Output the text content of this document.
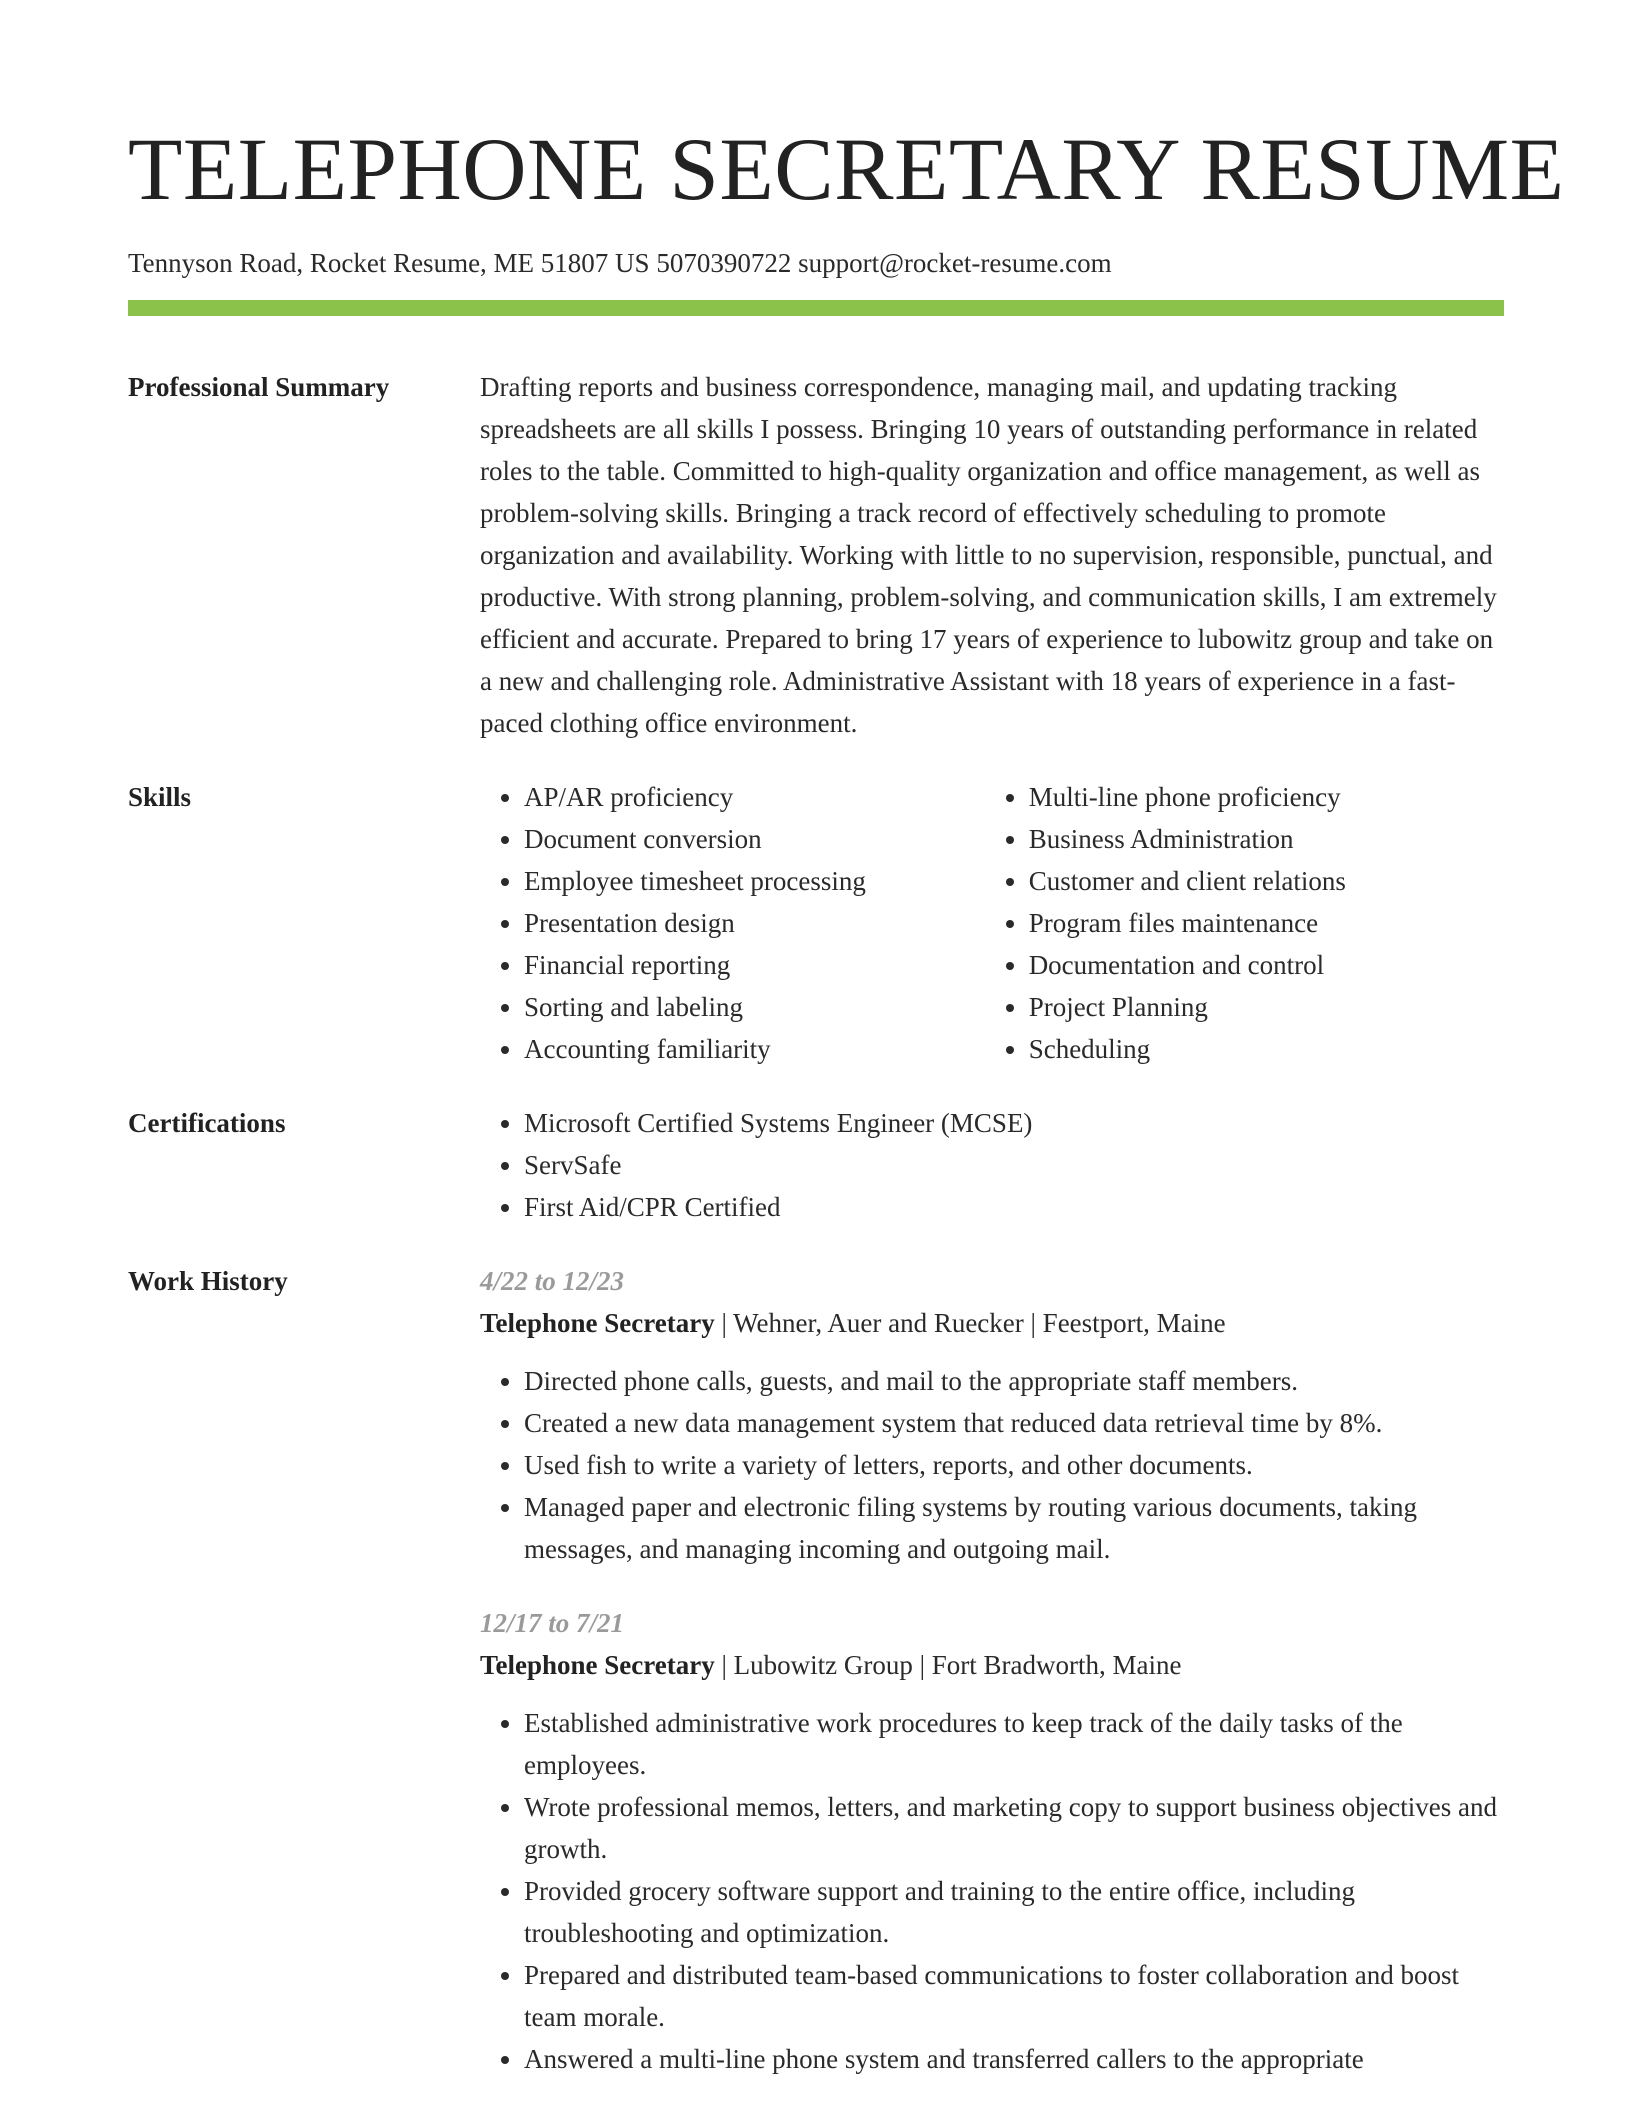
TELEPHONE SECRETARY RESUME
Tennyson Road, Rocket Resume, ME 51807 US 5070390722 support@rocket-resume.com
Professional Summary	Drafting reports and business correspondence, managing mail, and updating tracking spreadsheets are all skills I possess. Bringing 10 years of outstanding performance in related roles to the table. Committed to high-quality organization and office management, as well as problem-solving skills. Bringing a track record of effectively scheduling to promote organization and availability. Working with little to no supervision, responsible, punctual, and productive. With strong planning, problem-solving, and communication skills, I am extremely efficient and accurate. Prepared to bring 17 years of experience to lubowitz group and take on a new and challenging role. Administrative Assistant with 18 years of experience in a fast-paced clothing office environment.
Skills	• AP/AR proficiency
• Document conversion
• Employee timesheet processing
• Presentation design
• Financial reporting
• Sorting and labeling
• Accounting familiarity
• Multi-line phone proficiency
• Business Administration
• Customer and client relations
• Program files maintenance
• Documentation and control
• Project Planning
• Scheduling
Certifications	• Microsoft Certified Systems Engineer (MCSE)
• ServSafe
• First Aid/CPR Certified
Work History	4/22 to 12/23
Telephone Secretary | Wehner, Auer and Ruecker | Feestport, Maine
• Directed phone calls, guests, and mail to the appropriate staff members.
• Created a new data management system that reduced data retrieval time by 8%.
• Used fish to write a variety of letters, reports, and other documents.
• Managed paper and electronic filing systems by routing various documents, taking messages, and managing incoming and outgoing mail.
12/17 to 7/21
Telephone Secretary | Lubowitz Group | Fort Bradworth, Maine
• Established administrative work procedures to keep track of the daily tasks of the employees.
• Wrote professional memos, letters, and marketing copy to support business objectives and growth.
• Provided grocery software support and training to the entire office, including troubleshooting and optimization.
• Prepared and distributed team-based communications to foster collaboration and boost team morale.
• Answered a multi-line phone system and transferred callers to the appropriate
